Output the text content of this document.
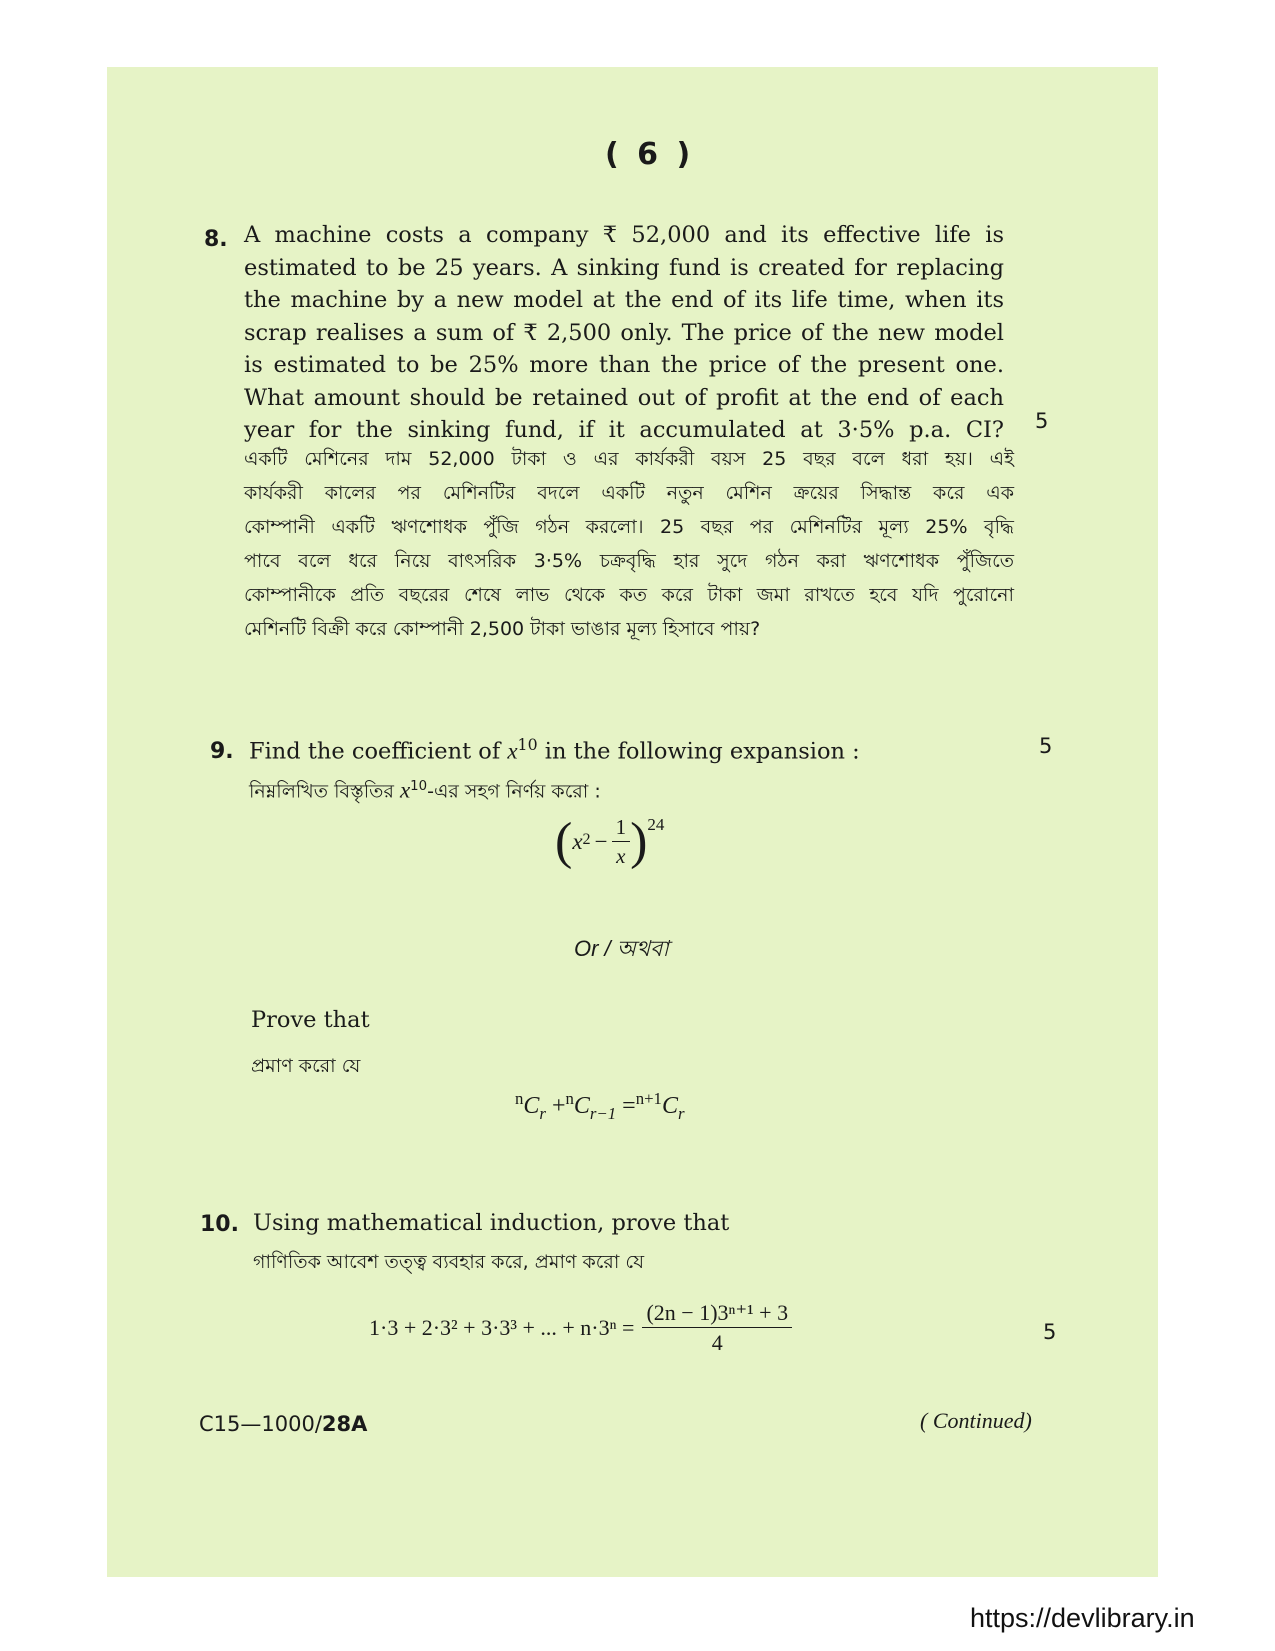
( 6 )
8. A machine costs a company ₹ 52,000 and its effective life is

estimated to be 25 years. A sinking fund is created for replacing

the machine by a new model at the end of its life time, when its

scrap realises a sum of ₹ 2,500 only. The price of the new model

is estimated to be 25% more than the price of the present one.

What amount should be retained out of profit at the end of each

year for the sinking fund, if it accumulated at 3·5% p.a. CI? 5
একটি মেশিনের দাম 52,000 টাকা ও এর কার্যকরী বয়স 25 বছর বলে ধরা হয়। এই
কার্যকরী কালের পর মেশিনটির বদলে একটি নতুন মেশিন ক্রয়ের সিদ্ধান্ত করে এক
কোম্পানী একটি ঋণশোধক পুঁজি গঠন করলো। 25 বছর পর মেশিনটির মূল্য 25% বৃদ্ধি
পাবে বলে ধরে নিয়ে বাৎসরিক 3·5% চক্রবৃদ্ধি হার সুদে গঠন করা ঋণশোধক পুঁজিতে
কোম্পানীকে প্রতি বছরের শেষে লাভ থেকে কত করে টাকা জমা রাখতে হবে যদি পুরোনো
মেশিনটি বিক্রী করে কোম্পানী 2,500 টাকা ভাঙার মূল্য হিসাবে পায়?
9. Find the coefficient of $x^{10}$ in the following expansion :	5
নিম্নলিখিত বিস্তৃতির $x^{10}-এর$ সহগ নির্ণয় করো :
( $x^2 - \frac{1}{x} )^{24}$
Or / অথবা
Prove that
প্রমাণ করো যে
$^nC_r +^nC_{r-1} =^{n+1}C_r$
10. Using mathematical induction, prove that
গাণিতিক আবেশ তত্ত্ব ব্যবহার করে, প্রমাণ করো যে
1·3 + 2·3² + 3·3³ + ... + $n\cdot 3^n = \frac{\text{(2n − 1)3ⁿ⁺¹ + 3}}{4}$	5
C15—1000/28A	( Continued)
https://devlibrary.in
